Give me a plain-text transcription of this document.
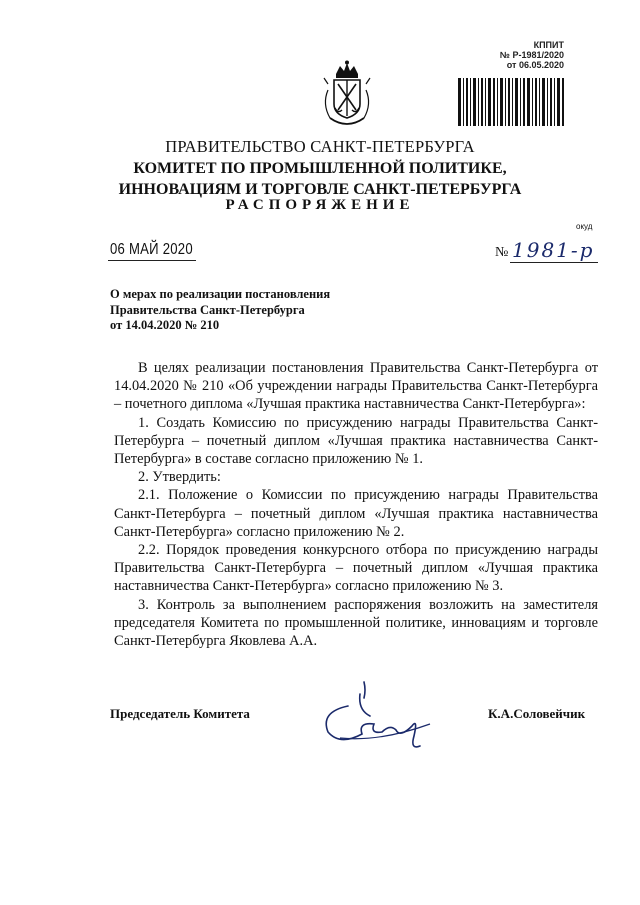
КППИТ
№ Р-1981/2020
от 06.05.2020
ПРАВИТЕЛЬСТВО САНКТ-ПЕТЕРБУРГА
КОМИТЕТ ПО ПРОМЫШЛЕННОЙ ПОЛИТИКЕ,
ИННОВАЦИЯМ И ТОРГОВЛЕ САНКТ-ПЕТЕРБУРГА
РАСПОРЯЖЕНИЕ
окуд
06 МАЙ 2020	№ 1981-р
О мерах по реализации постановления
Правительства Санкт-Петербурга
от 14.04.2020 № 210

В целях реализации постановления Правительства Санкт-Петербурга от 14.04.2020 № 210 «Об учреждении награды Правительства Санкт-Петербурга – почетного диплома «Лучшая практика наставничества Санкт-Петербурга»:

1. Создать Комиссию по присуждению награды Правительства Санкт-Петербурга – почетный диплом «Лучшая практика наставничества Санкт-Петербурга» в составе согласно приложению № 1.

2. Утвердить:

2.1. Положение о Комиссии по присуждению награды Правительства Санкт-Петербурга – почетный диплом «Лучшая практика наставничества Санкт-Петербурга» согласно приложению № 2.

2.2. Порядок проведения конкурсного отбора по присуждению награды Правительства Санкт-Петербурга – почетный диплом «Лучшая практика наставничества Санкт-Петербурга» согласно приложению № 3.

3. Контроль за выполнением распоряжения возложить на заместителя председателя Комитета по промышленной политике, инновациям и торговле Санкт-Петербурга Яковлева А.А.

Председатель Комитета	К.А.Соловейчик
